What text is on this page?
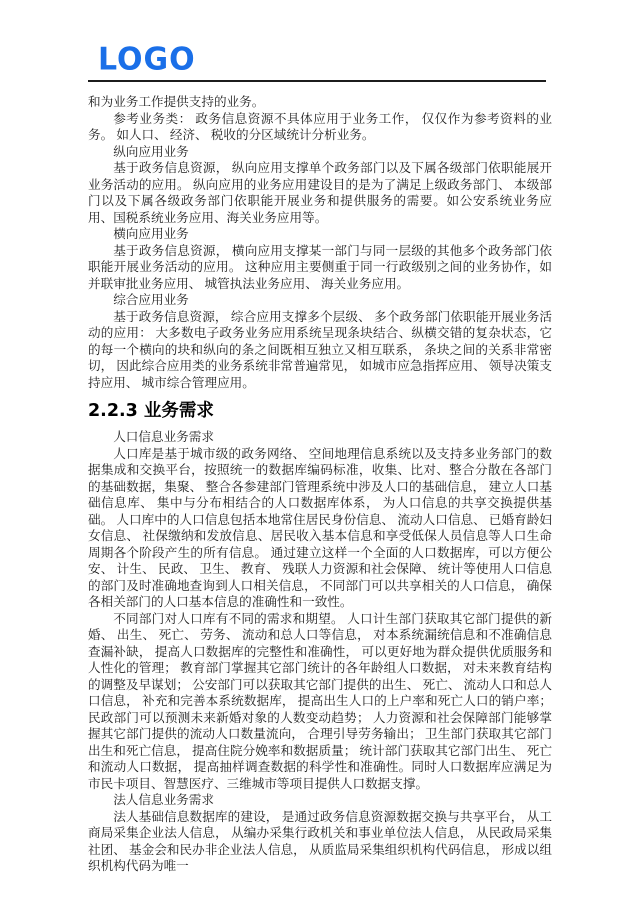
LOGO

和为业务工作提供支持的业务。

参考业务类： 政务信息资源不具体应用于业务工作， 仅仅作为参考资料的业务。 如人口、 经济、 税收的分区域统计分析业务。

纵向应用业务

基于政务信息资源， 纵向应用支撑单个政务部门以及下属各级部门依职能展开业务活动的应用。 纵向应用的业务应用建设目的是为了满足上级政务部门、 本级部门以及下属各级政务部门依职能开展业务和提供服务的需要。如公安系统业务应用、国税系统业务应用、海关业务应用等。

横向应用业务

基于政务信息资源， 横向应用支撑某一部门与同一层级的其他多个政务部门依职能开展业务活动的应用。 这种应用主要侧重于同一行政级别之间的业务协作，如并联审批业务应用、 城管执法业务应用、 海关业务应用。

综合应用业务

基于政务信息资源， 综合应用支撑多个层级、 多个政务部门依职能开展业务活动的应用： 大多数电子政务业务应用系统呈现条块结合、纵横交错的复杂状态，它的每一个横向的块和纵向的条之间既相互独立又相互联系， 条块之间的关系非常密切， 因此综合应用类的业务系统非常普遍常见， 如城市应急指挥应用、 领导决策支持应用、 城市综合管理应用。

2.2.3 业务需求

人口信息业务需求

人口库是基于城市级的政务网络、 空间地理信息系统以及支持多业务部门的数据集成和交换平台，按照统一的数据库编码标准，收集、比对、整合分散在各部门的基础数据，集聚、 整合各参建部门管理系统中涉及人口的基础信息， 建立人口基础信息库、 集中与分布相结合的人口数据库体系， 为人口信息的共享交换提供基础。 人口库中的人口信息包括本地常住居民身份信息、 流动人口信息、 已婚育龄妇女信息、 社保缴纳和发放信息、居民收入基本信息和享受低保人员信息等人口生命周期各个阶段产生的所有信息。 通过建立这样一个全面的人口数据库，可以方便公安、 计生、 民政、 卫生、 教育、 残联人力资源和社会保障、 统计等使用人口信息的部门及时准确地查询到人口相关信息， 不同部门可以共享相关的人口信息， 确保各相关部门的人口基本信息的准确性和一致性。

不同部门对人口库有不同的需求和期望。 人口计生部门获取其它部门提供的新婚、 出生、 死亡、 劳务、 流动和总人口等信息， 对本系统漏统信息和不准确信息查漏补缺， 提高人口数据库的完整性和准确性， 可以更好地为群众提供优质服务和人性化的管理； 教育部门掌握其它部门统计的各年龄组人口数据， 对未来教育结构的调整及早谋划； 公安部门可以获取其它部门提供的出生、 死亡、 流动人口和总人口信息， 补充和完善本系统数据库， 提高出生人口的上户率和死亡人口的销户率； 民政部门可以预测未来新婚对象的人数变动趋势； 人力资源和社会保障部门能够掌握其它部门提供的流动人口数量流向， 合理引导劳务输出； 卫生部门获取其它部门出生和死亡信息， 提高住院分娩率和数据质量； 统计部门获取其它部门出生、 死亡和流动人口数据， 提高抽样调查数据的科学性和准确性。同时人口数据库应满足为市民卡项目、智慧医疗、三维城市等项目提供人口数据支撑。

法人信息业务需求

法人基础信息数据库的建设， 是通过政务信息资源数据交换与共享平台， 从工商局采集企业法人信息， 从编办采集行政机关和事业单位法人信息， 从民政局采集社团、 基金会和民办非企业法人信息， 从质监局采集组织机构代码信息， 形成以组织机构代码为唯一
